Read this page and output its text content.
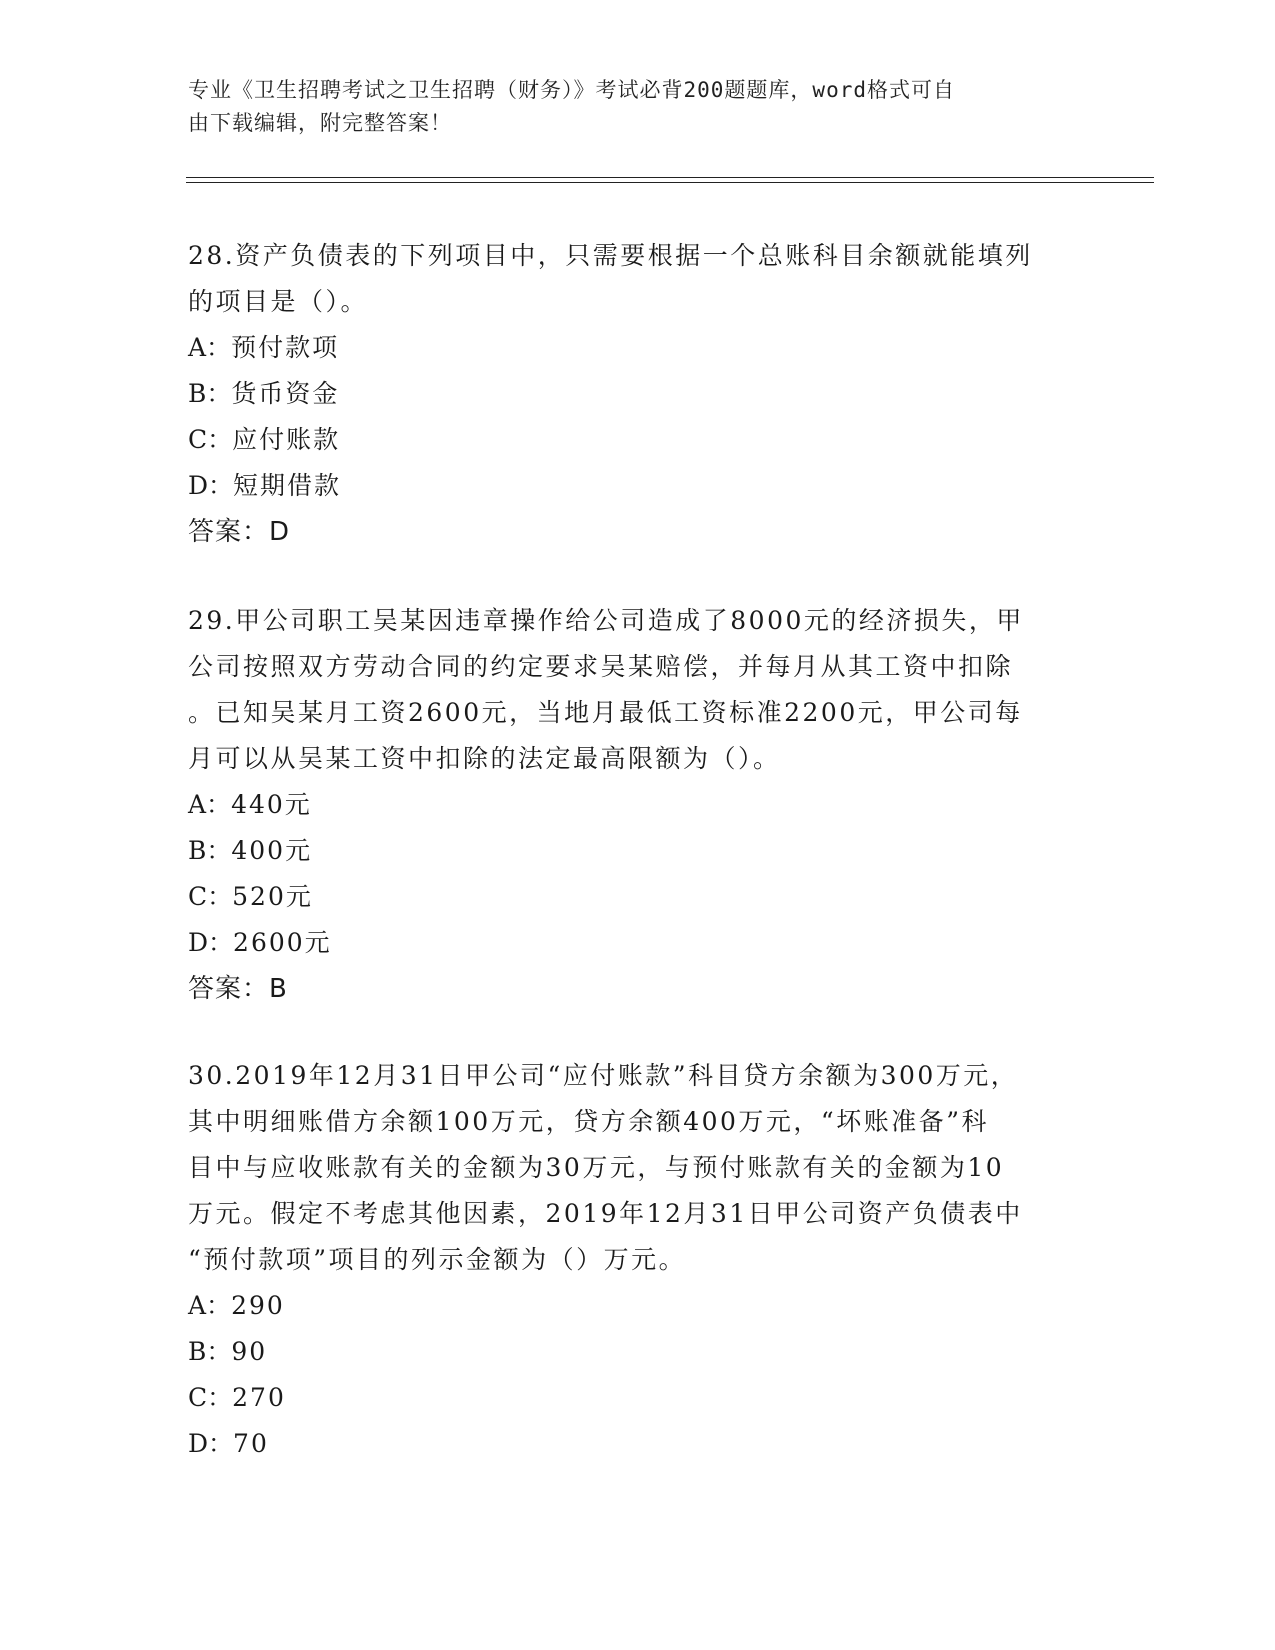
专业《卫生招聘考试之卫生招聘（财务）》考试必背200题题库，word格式可自
由下载编辑，附完整答案！

28.资产负债表的下列项目中，只需要根据一个总账科目余额就能填列

的项目是（）。

A：预付款项

B：货币资金

C：应付账款

D：短期借款

答案：D

29.甲公司职工吴某因违章操作给公司造成了8000元的经济损失，甲

公司按照双方劳动合同的约定要求吴某赔偿，并每月从其工资中扣除

。已知吴某月工资2600元，当地月最低工资标准2200元，甲公司每

月可以从吴某工资中扣除的法定最高限额为（）。

A：440元

B：400元

C：520元

D：2600元

答案：B

30.2019年12月31日甲公司“应付账款”科目贷方余额为300万元，

其中明细账借方余额100万元，贷方余额400万元，“坏账准备”科

目中与应收账款有关的金额为30万元，与预付账款有关的金额为10

万元。假定不考虑其他因素，2019年12月31日甲公司资产负债表中

“预付款项”项目的列示金额为（）万元。

A：290

B：90

C：270

D：70
